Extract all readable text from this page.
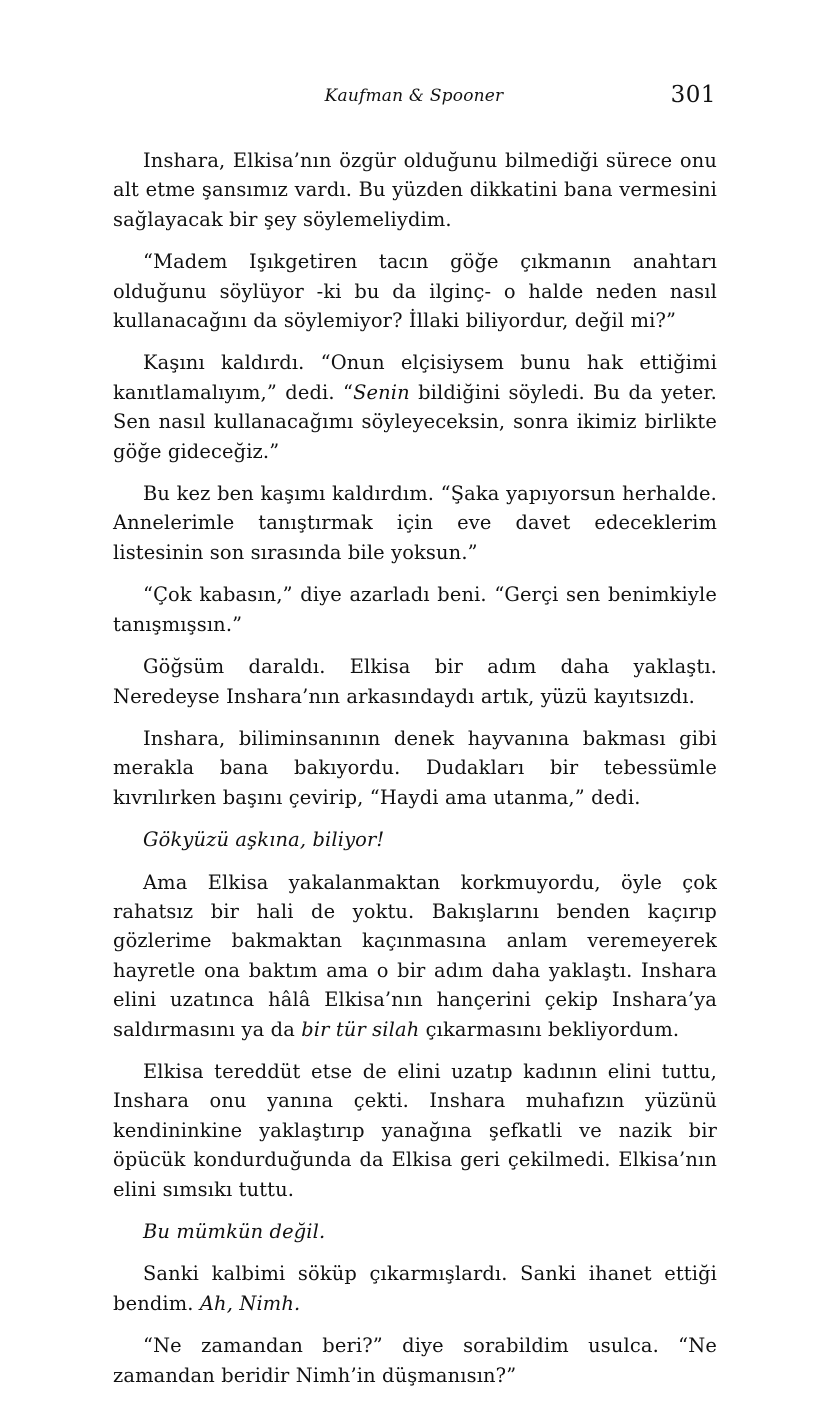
Kaufman & Spooner	301

Inshara, Elkisa’nın özgür olduğunu bilmediği sürece onu alt etme şansımız vardı. Bu yüzden dikkatini bana vermesini sağlayacak bir şey söylemeliydim.

“Madem Işıkgetiren tacın göğe çıkmanın anahtarı olduğunu söylüyor -ki bu da ilginç- o halde neden nasıl kullanacağını da söylemiyor? İllaki biliyordur, değil mi?”

Kaşını kaldırdı. “Onun elçisiysem bunu hak ettiğimi kanıtlamalıyım,” dedi. “Senin bildiğini söyledi. Bu da yeter. Sen nasıl kullanacağımı söyleyeceksin, sonra ikimiz birlikte göğe gideceğiz.”

Bu kez ben kaşımı kaldırdım. “Şaka yapıyorsun herhalde. Annelerimle tanıştırmak için eve davet edeceklerim listesinin son sırasında bile yoksun.”

“Çok kabasın,” diye azarladı beni. “Gerçi sen benimkiyle tanışmışsın.”

Göğsüm daraldı. Elkisa bir adım daha yaklaştı. Neredeyse Inshara’nın arkasındaydı artık, yüzü kayıtsızdı.

Inshara, biliminsanının denek hayvanına bakması gibi merakla bana bakıyordu. Dudakları bir tebessümle kıvrılırken başını çevirip, “Haydi ama utanma,” dedi.

Gökyüzü aşkına, biliyor!

Ama Elkisa yakalanmaktan korkmuyordu, öyle çok rahatsız bir hali de yoktu. Bakışlarını benden kaçırıp gözlerime bakmaktan kaçınmasına anlam veremeyerek hayretle ona baktım ama o bir adım daha yaklaştı. Inshara elini uzatınca hâlâ Elkisa’nın hançerini çekip Inshara’ya saldırmasını ya da bir tür silah çıkarmasını bekliyordum.

Elkisa tereddüt etse de elini uzatıp kadının elini tuttu, Inshara onu yanına çekti. Inshara muhafızın yüzünü kendininkine yaklaştırıp yanağına şefkatli ve nazik bir öpücük kondurduğunda da Elkisa geri çekilmedi. Elkisa’nın elini sımsıkı tuttu.

Bu mümkün değil.

Sanki kalbimi söküp çıkarmışlardı. Sanki ihanet ettiği bendim. Ah, Nimh.

“Ne zamandan beri?” diye sorabildim usulca. “Ne zamandan beridir Nimh’in düşmanısın?”
